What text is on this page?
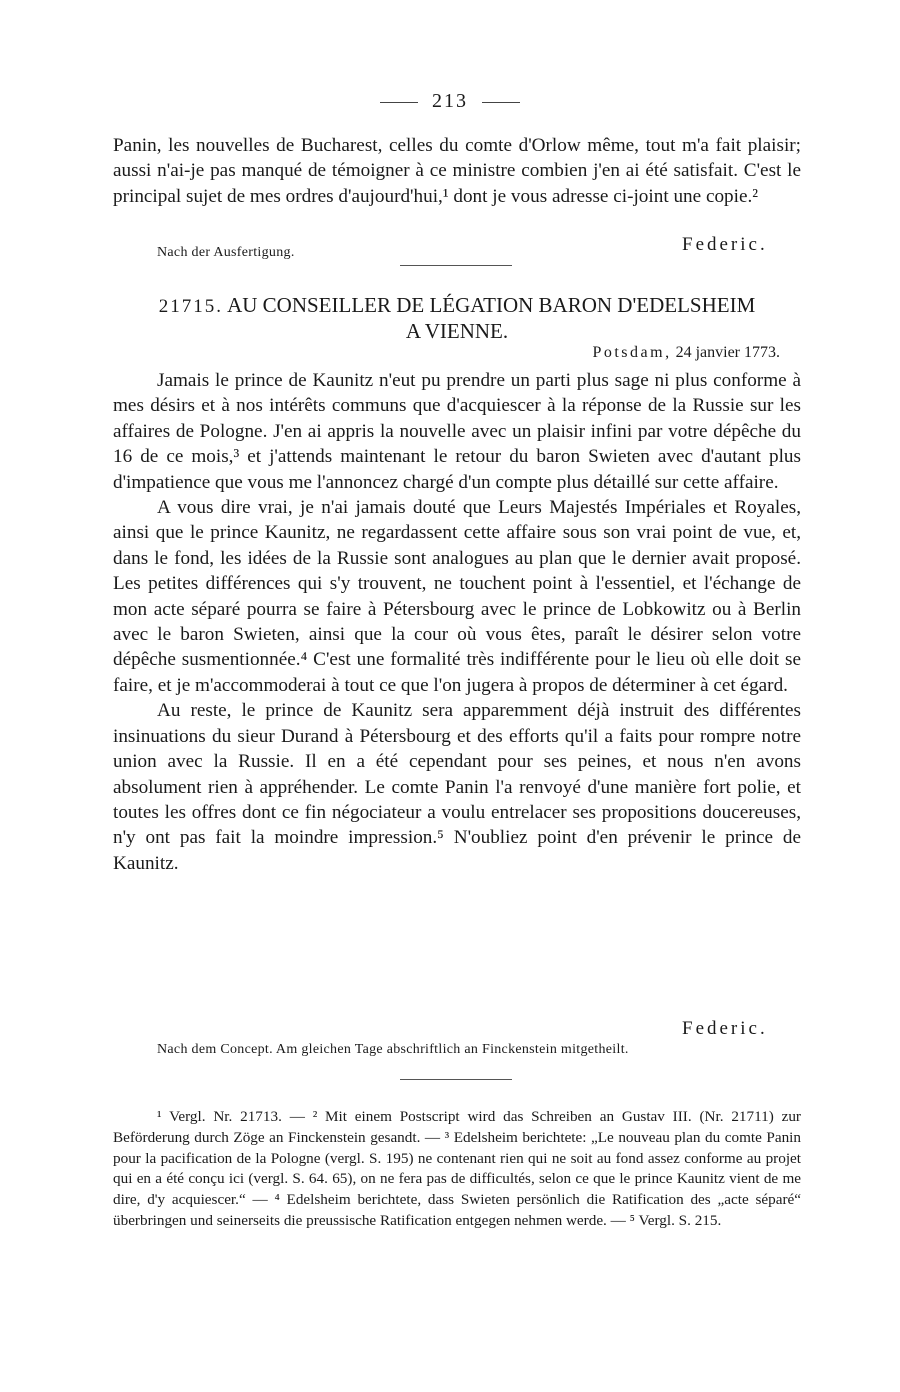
213

Panin, les nouvelles de Bucharest, celles du comte d'Orlow même, tout m'a fait plaisir; aussi n'ai-je pas manqué de témoigner à ce ministre combien j'en ai été satisfait. C'est le principal sujet de mes ordres d'aujourd'hui,¹ dont je vous adresse ci-joint une copie.²

Nach der Ausfertigung.	Federic.
21715. AU CONSEILLER DE LÉGATION BARON D'EDELSHEIM
A VIENNE.
Potsdam, 24 janvier 1773.

Jamais le prince de Kaunitz n'eut pu prendre un parti plus sage ni plus conforme à mes désirs et à nos intérêts communs que d'acquiescer à la réponse de la Russie sur les affaires de Pologne. J'en ai appris la nouvelle avec un plaisir infini par votre dépêche du 16 de ce mois,³ et j'attends maintenant le retour du baron Swieten avec d'autant plus d'impatience que vous me l'annoncez chargé d'un compte plus détaillé sur cette affaire.

A vous dire vrai, je n'ai jamais douté que Leurs Majestés Impériales et Royales, ainsi que le prince Kaunitz, ne regardassent cette affaire sous son vrai point de vue, et, dans le fond, les idées de la Russie sont analogues au plan que le dernier avait proposé. Les petites différences qui s'y trouvent, ne touchent point à l'essentiel, et l'échange de mon acte séparé pourra se faire à Pétersbourg avec le prince de Lobkowitz ou à Berlin avec le baron Swieten, ainsi que la cour où vous êtes, paraît le désirer selon votre dépêche susmentionnée.⁴ C'est une formalité très indifférente pour le lieu où elle doit se faire, et je m'accommoderai à tout ce que l'on jugera à propos de déterminer à cet égard.

Au reste, le prince de Kaunitz sera apparemment déjà instruit des différentes insinuations du sieur Durand à Pétersbourg et des efforts qu'il a faits pour rompre notre union avec la Russie. Il en a été cependant pour ses peines, et nous n'en avons absolument rien à appréhender. Le comte Panin l'a renvoyé d'une manière fort polie, et toutes les offres dont ce fin négociateur a voulu entrelacer ses propositions doucereuses, n'y ont pas fait la moindre impression.⁵ N'oubliez point d'en prévenir le prince de Kaunitz.

Federic.
Nach dem Concept. Am gleichen Tage abschriftlich an Finckenstein mitgetheilt.

¹ Vergl. Nr. 21713. — ² Mit einem Postscript wird das Schreiben an Gustav III. (Nr. 21711) zur Beförderung durch Zöge an Finckenstein gesandt. — ³ Edelsheim berichtete: „Le nouveau plan du comte Panin pour la pacification de la Pologne (vergl. S. 195) ne contenant rien qui ne soit au fond assez conforme au projet qui en a été conçu ici (vergl. S. 64. 65), on ne fera pas de difficultés, selon ce que le prince Kaunitz vient de me dire, d'y acquiescer.“ — ⁴ Edelsheim berichtete, dass Swieten persönlich die Ratification des „acte séparé“ überbringen und seinerseits die preussische Ratification entgegen nehmen werde. — ⁵ Vergl. S. 215.
